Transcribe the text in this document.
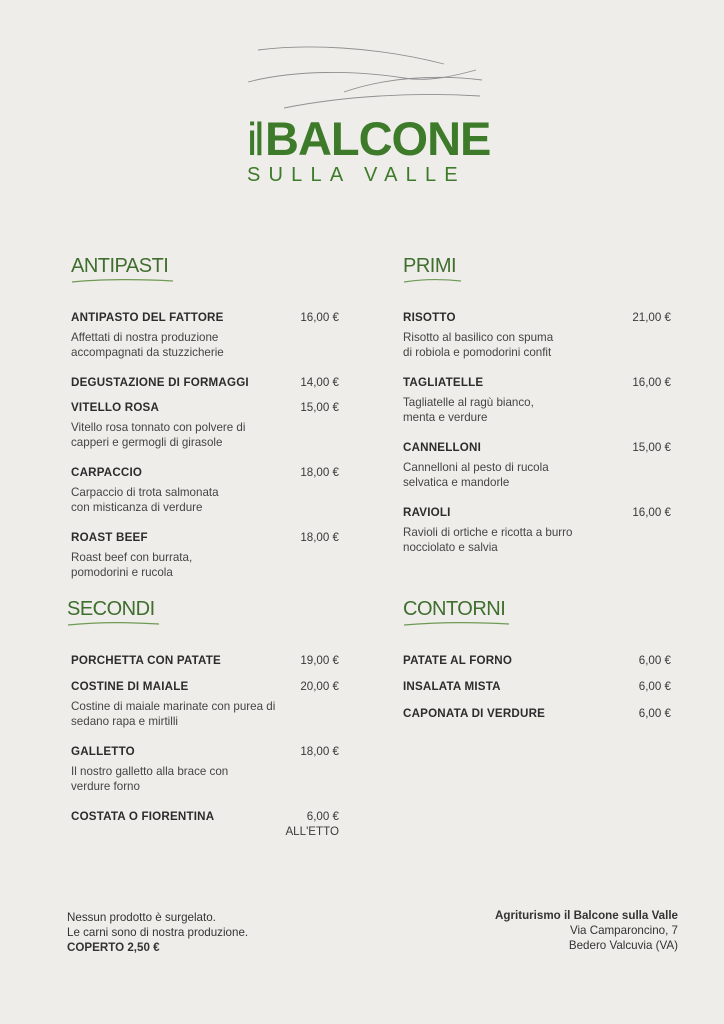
il BALCONE
SULLA VALLE
ANTIPASTI
ANTIPASTO DEL FATTORE	16,00 €
Affettati di nostra produzione
accompagnati da stuzzicherie
DEGUSTAZIONE DI FORMAGGI	14,00 €
VITELLO ROSA	15,00 €
Vitello rosa tonnato con polvere di
capperi e germogli di girasole
CARPACCIO	18,00 €
Carpaccio di trota salmonata
con misticanza di verdure
ROAST BEEF	18,00 €
Roast beef con burrata,
pomodorini e rucola
PRIMI
RISOTTO	21,00 €
Risotto al basilico con spuma
di robiola e pomodorini confit
TAGLIATELLE	16,00 €
Tagliatelle al ragù bianco,
menta e verdure
CANNELLONI	15,00 €
Cannelloni al pesto di rucola
selvatica e mandorle
RAVIOLI	16,00 €
Ravioli di ortiche e ricotta a burro
nocciolato e salvia
SECONDI
PORCHETTA CON PATATE	19,00 €
COSTINE DI MAIALE	20,00 €
Costine di maiale marinate con purea di
sedano rapa e mirtilli
GALLETTO	18,00 €
Il nostro galletto alla brace con
verdure forno
COSTATA O FIORENTINA	6,00 €
ALL'ETTO
CONTORNI
PATATE AL FORNO	6,00 €
INSALATA MISTA	6,00 €
CAPONATA DI VERDURE	6,00 €
Nessun prodotto è surgelato.
Le carni sono di nostra produzione.
COPERTO 2,50 €
Agriturismo il Balcone sulla Valle
Via Camparoncino, 7
Bedero Valcuvia (VA)
